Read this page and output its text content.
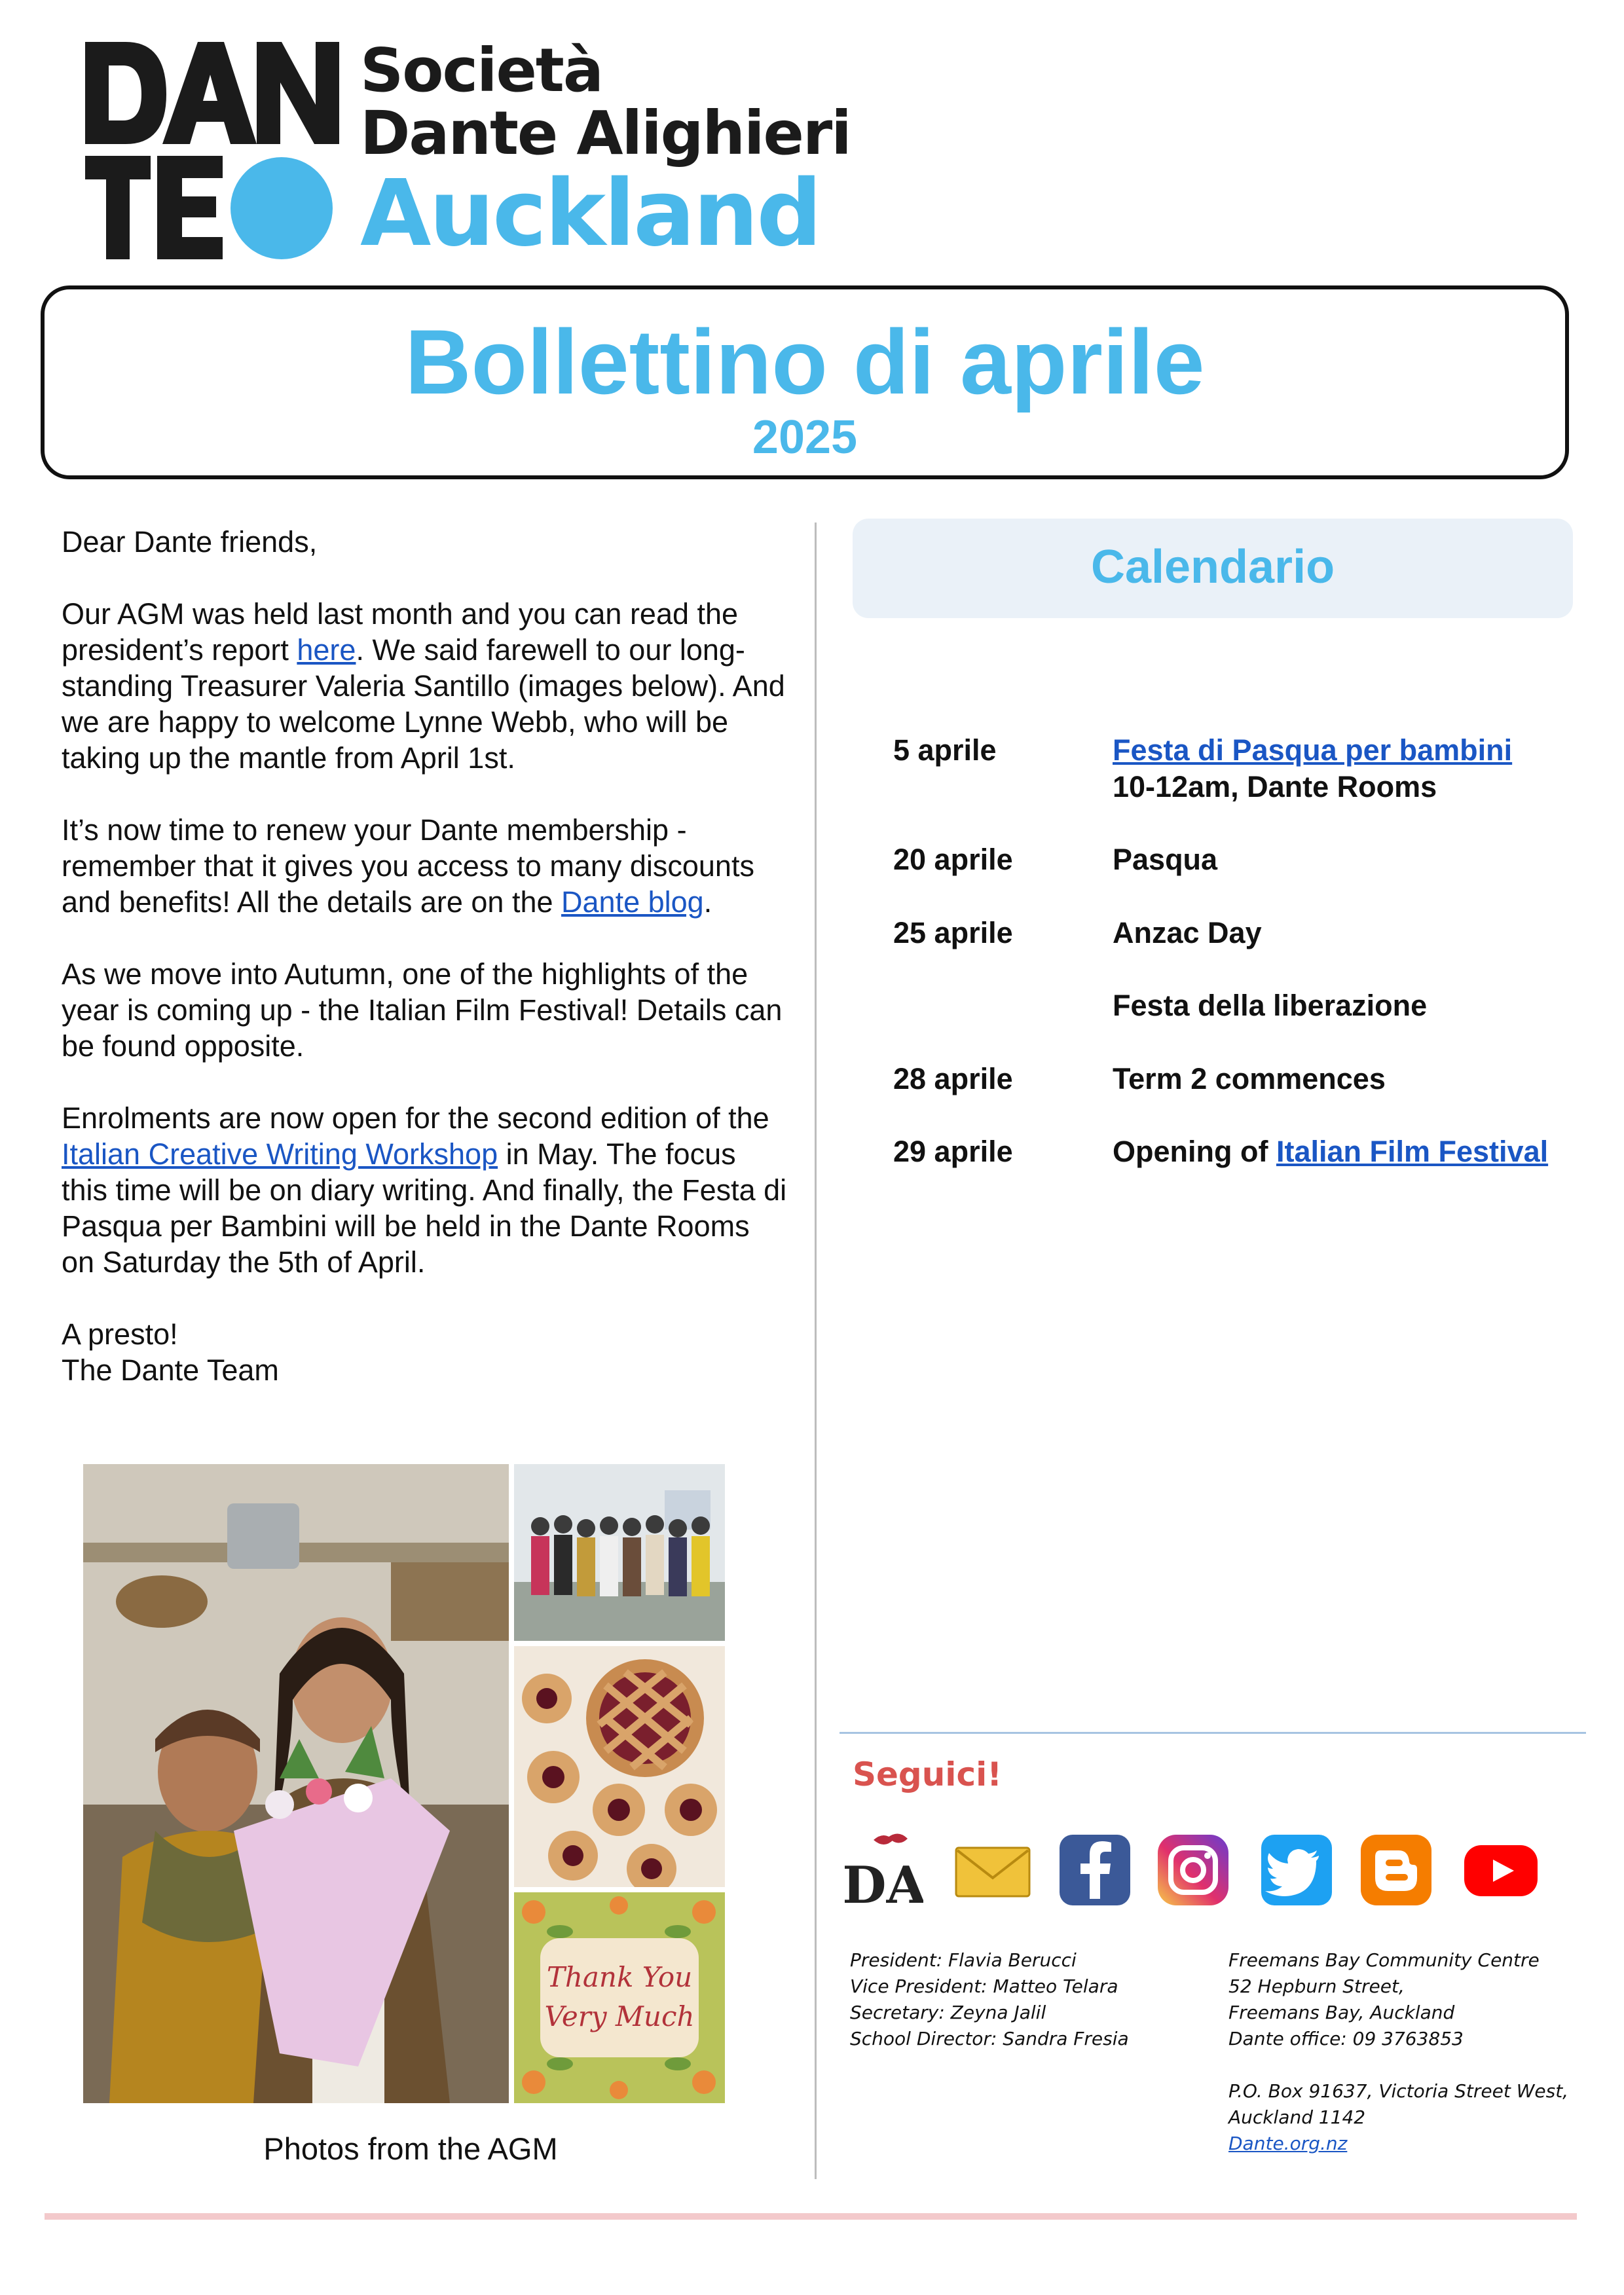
Società
Dante Alighieri
Auckland
Bollettino di aprile
2025

Dear Dante friends,

Our AGM was held last month and you can read the president’s report here. We said farewell to our long-standing Treasurer Valeria Santillo (images below). And we are happy to welcome Lynne Webb, who will be taking up the mantle from April 1st.

It’s now time to renew your Dante membership - remember that it gives you access to many discounts and benefits! All the details are on the Dante blog.

As we move into Autumn, one of the highlights of the year is coming up - the Italian Film Festival! Details can be found opposite.

Enrolments are now open for the second edition of the Italian Creative Writing Workshop in May. The focus this time will be on diary writing. And finally, the Festa di Pasqua per Bambini will be held in the Dante Rooms on Saturday the 5th of April.

A presto!
The Dante Team

Thank You
Very Much
Photos from the AGM
Calendario
5 aprile	Festa di Pasqua per bambini
10-12am, Dante Rooms
20 aprile	Pasqua
25 aprile	Anzac Day
Festa della liberazione
28 aprile	Term 2 commences
29 aprile	Opening of Italian Film Festival
Seguici!
DA
President: Flavia Berucci
Vice President: Matteo Telara
Secretary: Zeyna Jalil
School Director: Sandra Fresia
Freemans Bay Community Centre
52 Hepburn Street,
Freemans Bay, Auckland
Dante office: 09 3763853
P.O. Box 91637, Victoria Street West,
Auckland 1142
Dante.org.nz
